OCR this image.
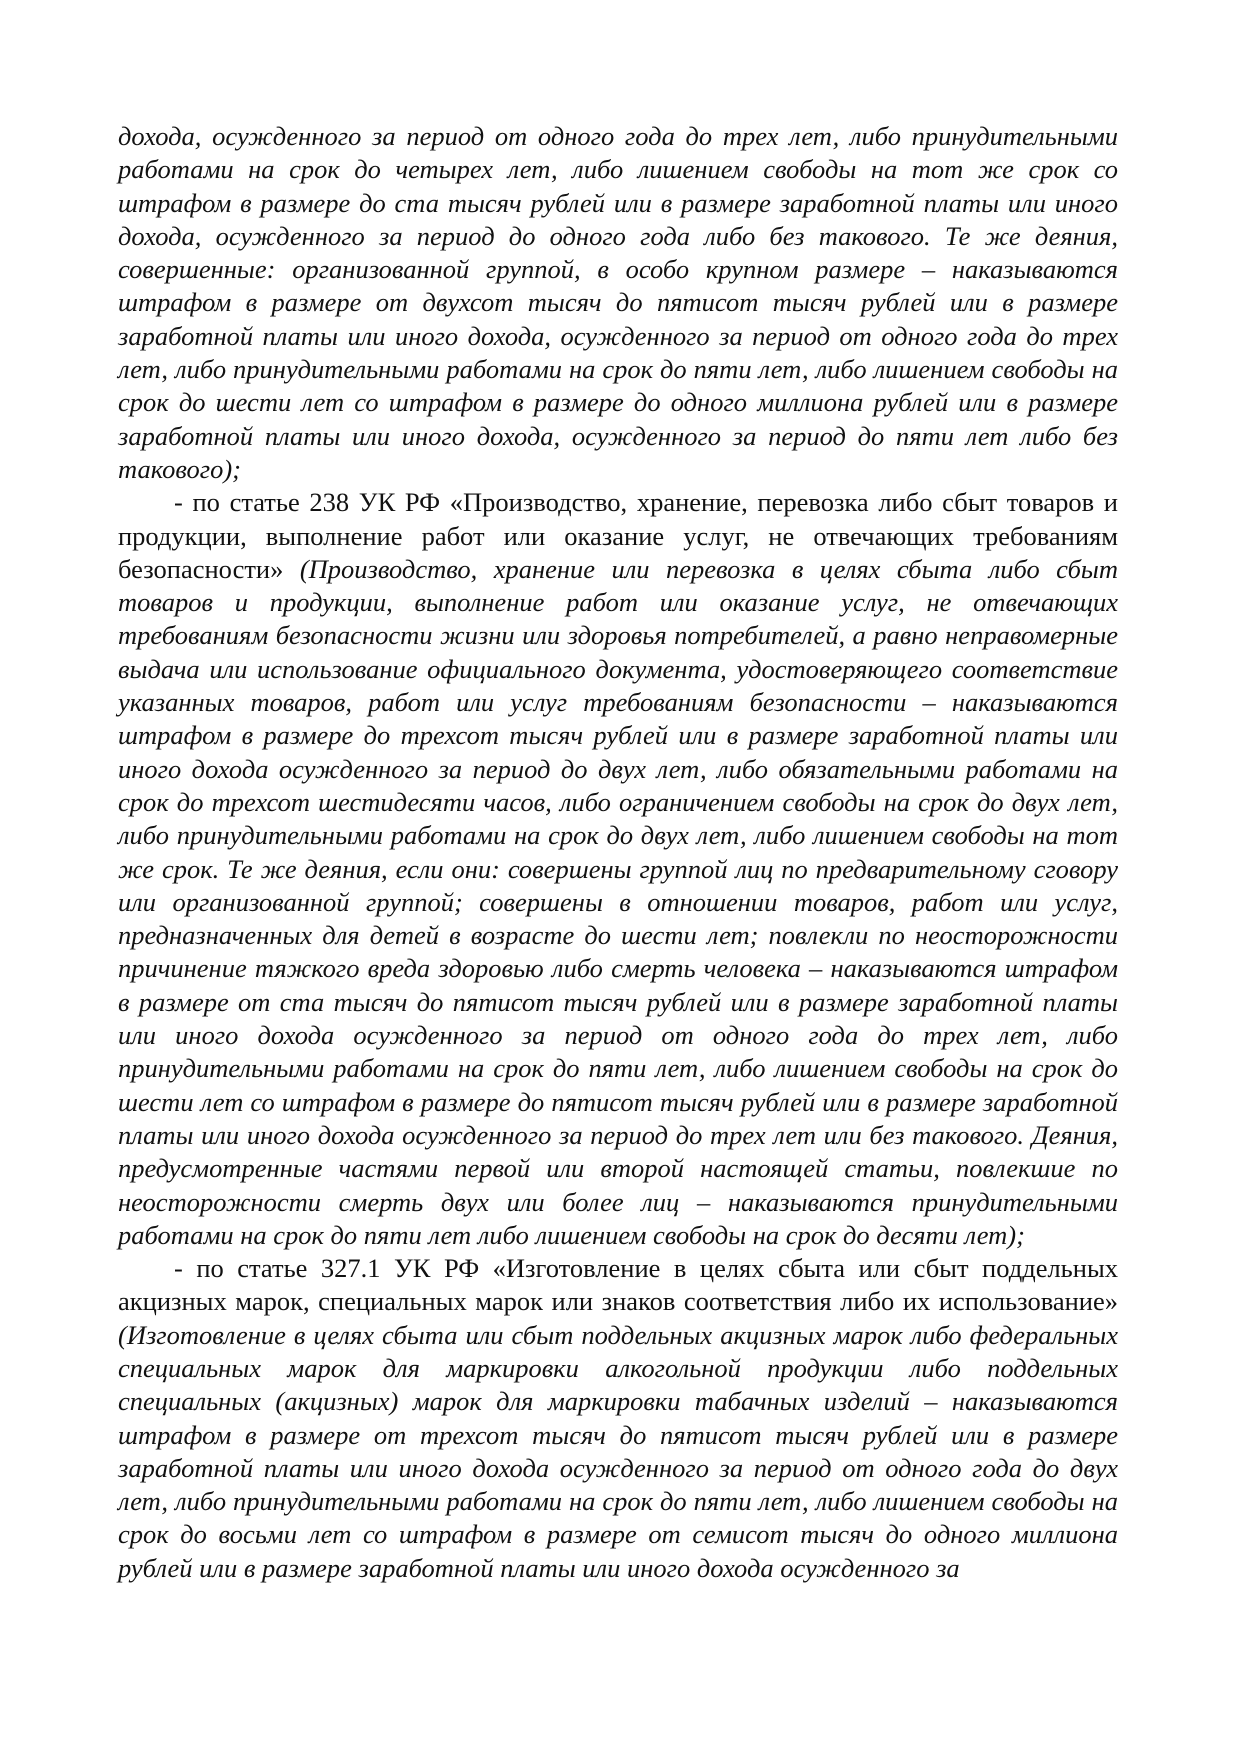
дохода, осужденного за период от одного года до трех лет, либо принудительными работами на срок до четырех лет, либо лишением свободы на тот же срок со штрафом в размере до ста тысяч рублей или в размере заработной платы или иного дохода, осужденного за период до одного года либо без такового. Те же деяния, совершенные: организованной группой, в особо крупном размере – наказываются штрафом в размере от двухсот тысяч до пятисот тысяч рублей или в размере заработной платы или иного дохода, осужденного за период от одного года до трех лет, либо принудительными работами на срок до пяти лет, либо лишением свободы на срок до шести лет со штрафом в размере до одного миллиона рублей или в размере заработной платы или иного дохода, осужденного за период до пяти лет либо без такового);

- по статье 238 УК РФ «Производство, хранение, перевозка либо сбыт товаров и продукции, выполнение работ или оказание услуг, не отвечающих требованиям безопасности» (Производство, хранение или перевозка в целях сбыта либо сбыт товаров и продукции, выполнение работ или оказание услуг, не отвечающих требованиям безопасности жизни или здоровья потребителей, а равно неправомерные выдача или использование официального документа, удостоверяющего соответствие указанных товаров, работ или услуг требованиям безопасности – наказываются штрафом в размере до трехсот тысяч рублей или в размере заработной платы или иного дохода осужденного за период до двух лет, либо обязательными работами на срок до трехсот шестидесяти часов, либо ограничением свободы на срок до двух лет, либо принудительными работами на срок до двух лет, либо лишением свободы на тот же срок. Те же деяния, если они: совершены группой лиц по предварительному сговору или организованной группой; совершены в отношении товаров, работ или услуг, предназначенных для детей в возрасте до шести лет; повлекли по неосторожности причинение тяжкого вреда здоровью либо смерть человека – наказываются штрафом в размере от ста тысяч до пятисот тысяч рублей или в размере заработной платы или иного дохода осужденного за период от одного года до трех лет, либо принудительными работами на срок до пяти лет, либо лишением свободы на срок до шести лет со штрафом в размере до пятисот тысяч рублей или в размере заработной платы или иного дохода осужденного за период до трех лет или без такового. Деяния, предусмотренные частями первой или второй настоящей статьи, повлекшие по неосторожности смерть двух или более лиц – наказываются принудительными работами на срок до пяти лет либо лишением свободы на срок до десяти лет);

- по статье 327.1 УК РФ «Изготовление в целях сбыта или сбыт поддельных акцизных марок, специальных марок или знаков соответствия либо их использование» (Изготовление в целях сбыта или сбыт поддельных акцизных марок либо федеральных специальных марок для маркировки алкогольной продукции либо поддельных специальных (акцизных) марок для маркировки табачных изделий – наказываются штрафом в размере от трехсот тысяч до пятисот тысяч рублей или в размере заработной платы или иного дохода осужденного за период от одного года до двух лет, либо принудительными работами на срок до пяти лет, либо лишением свободы на срок до восьми лет со штрафом в размере от семисот тысяч до одного миллиона рублей или в размере заработной платы или иного дохода осужденного за
